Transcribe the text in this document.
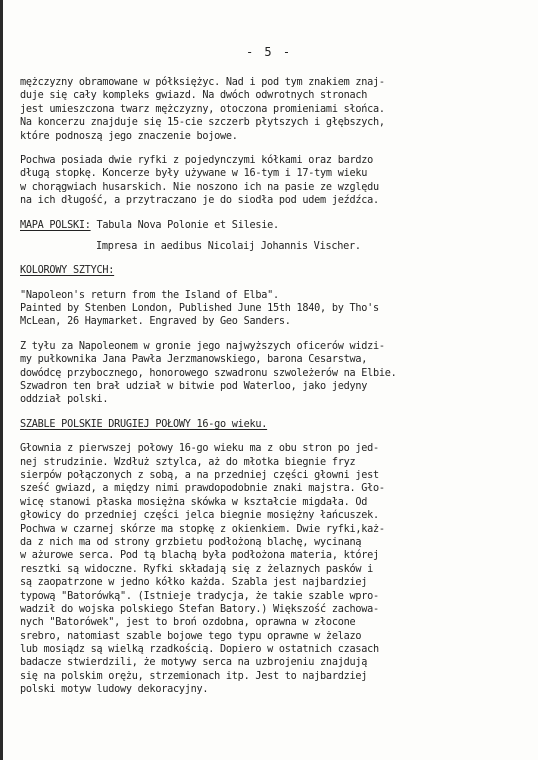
- 5 -
mężczyzny obramowane w półksiężyc. Nad i pod tym znakiem znaj-
duje się cały kompleks gwiazd. Na dwóch odwrotnych stronach
jest umieszczona twarz mężczyzny, otoczona promieniami słońca.
Na koncerzu znajduje się 15-cie szczerb płytszych i głębszych,
które podnoszą jego znaczenie bojowe.
Pochwa posiada dwie ryfki z pojedynczymi kółkami oraz bardzo
długą stopkę. Koncerze były używane w 16-tym i 17-tym wieku
w chorągwiach husarskich. Nie noszono ich na pasie ze względu
na ich długość, a przytraczano je do siodła pod udem jeźdźca.
MAPA POLSKI: Tabula Nova Polonie et Silesie.
Impresa in aedibus Nicolaij Johannis Vischer.
KOLOROWY SZTYCH:
"Napoleon's return from the Island of Elba".
Painted by Stenben London, Published June 15th 1840, by Tho's
McLean, 26 Haymarket. Engraved by Geo Sanders.
Z tyłu za Napoleonem w gronie jego najwyższych oficerów widzi-
my pułkownika Jana Pawła Jerzmanowskiego, barona Cesarstwa,
dowódcę przybocznego, honorowego szwadronu szwoleżerów na Elbie.
Szwadron ten brał udział w bitwie pod Waterloo, jako jedyny
oddział polski.
SZABLE POLSKIE DRUGIEJ POŁOWY 16-go wieku.
Głownia z pierwszej połowy 16-go wieku ma z obu stron po jed-
nej strudzinie. Wzdłuż sztylca, aż do młotka biegnie fryz
sierpów połączonych z sobą, a na przedniej części głowni jest
sześć gwiazd, a między nimi prawdopodobnie znaki majstra. Gło-
wicę stanowi płaska mosiężna skówka w kształcie migdała. Od
głowicy do przedniej części jelca biegnie mosiężny łańcuszek.
Pochwa w czarnej skórze ma stopkę z okienkiem. Dwie ryfki,każ-
da z nich ma od strony grzbietu podłożoną blachę, wycinaną
w ażurowe serca. Pod tą blachą była podłożona materia, której
resztki są widoczne. Ryfki składają się z żelaznych pasków i
są zaopatrzone w jedno kółko każda. Szabla jest najbardziej
typową "Batorówką". (Istnieje tradycja, że takie szable wpro-
wadził do wojska polskiego Stefan Batory.) Większość zachowa-
nych "Batorówek", jest to broń ozdobna, oprawna w złocone
srebro, natomiast szable bojowe tego typu oprawne w żelazo
lub mosiądz są wielką rzadkością. Dopiero w ostatnich czasach
badacze stwierdzili, że motywy serca na uzbrojeniu znajdują
się na polskim orężu, strzemionach itp. Jest to najbardziej
polski motyw ludowy dekoracyjny.
